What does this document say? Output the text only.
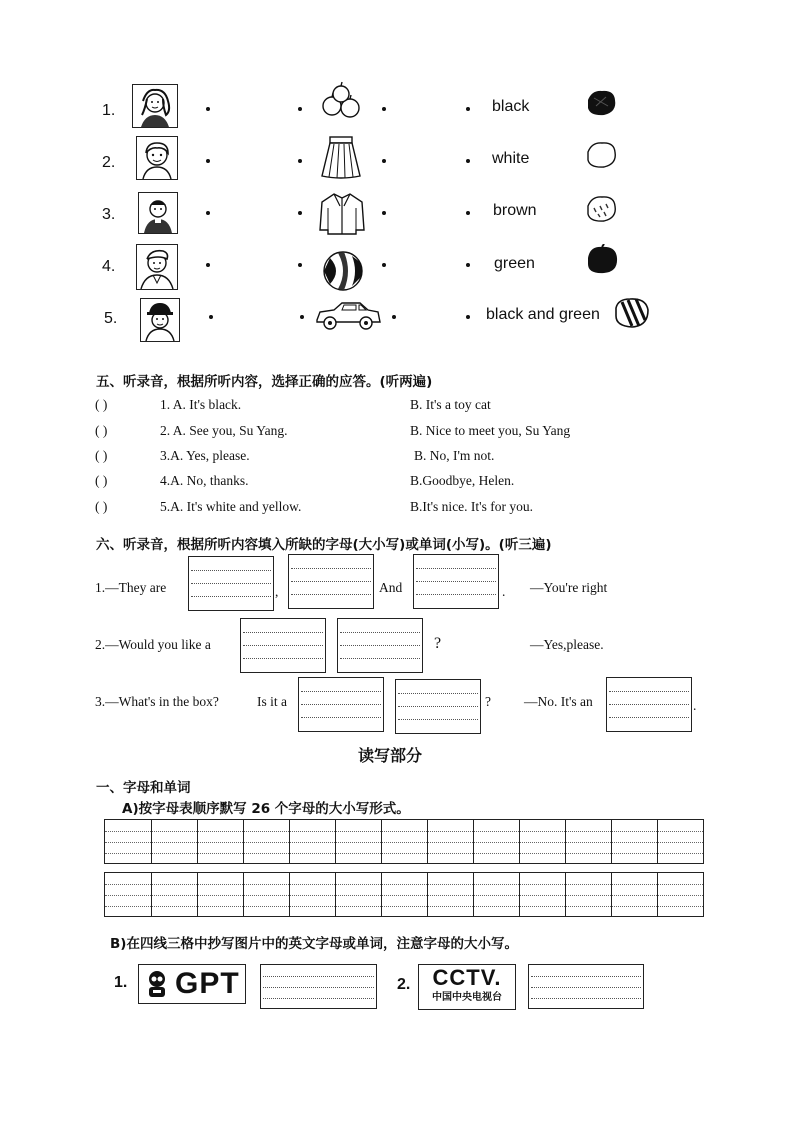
1.	black
2.	white
3.	brown
4.	green
5.	black and green
五、听录音，根据所听内容，选择正确的应答。(听两遍)
( )	1. A. It's black.	B. It's a toy cat
( )	2. A. See you, Su Yang.	B. Nice to meet you, Su Yang
( )	3.A. Yes, please.	B. No, I'm not.
( )	4.A. No, thanks.	B.Goodbye, Helen.
( )	5.A. It's white and yellow.	B.It's nice. It's for you.
六、听录音，根据所听内容填入所缺的字母(大小写)或单词(小写)。(听三遍)
1.—They are	,	And	. —You're right
2.—Would you like a	?	—Yes,please.
3.—What's in the box?	Is it a	? —No. It's an	.
读写部分
一、字母和单词
A)按字母表顺序默写 26 个字母的大小写形式。
B)在四线三格中抄写图片中的英文字母或单词，注意字母的大小写。
1. GPT	2.	CCTV.
中国中央电视台
